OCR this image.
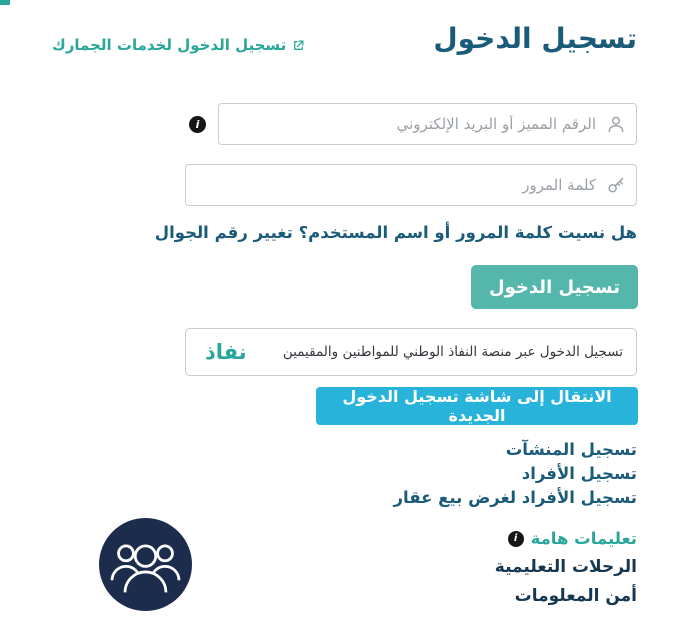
تسجيل الدخول
تسجيل الدخول لخدمات الجمارك
الرقم المميز أو البريد الإلكتروني
i
هل نسيت كلمة المرور أو اسم المستخدم؟ تغيير رقم الجوال
تسجيل الدخول
تسجيل الدخول عبر منصة النفاذ الوطني للمواطنين والمقيمين
نفاذ
الانتقال إلى شاشة تسجيل الدخول الجديدة
تسجيل المنشآت
تسجيل الأفراد
تسجيل الأفراد لغرض بيع عقار
تعليمات هامة
i
الرحلات التعليمية
أمن المعلومات
